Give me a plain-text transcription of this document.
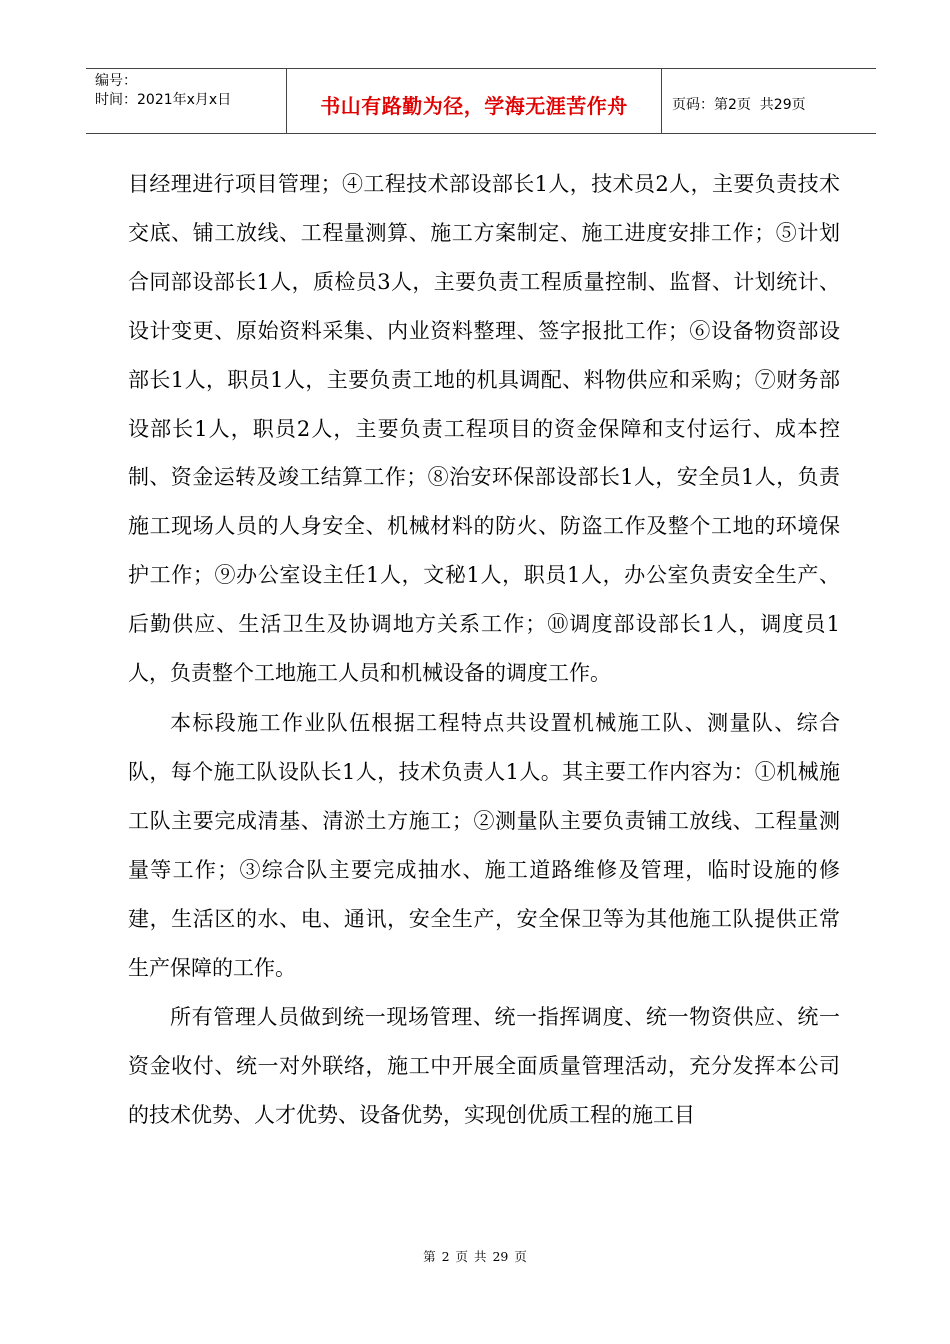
编号：
时间：2021年x月x日	书山有路勤为径，学海无涯苦作舟	页码：第2页  共29页

目经理进行项目管理；④工程技术部设部长1人，技术员2人，主要负责技术交底、铺工放线、工程量测算、施工方案制定、施工进度安排工作；⑤计划合同部设部长1人，质检员3人，主要负责工程质量控制、监督、计划统计、设计变更、原始资料采集、内业资料整理、签字报批工作；⑥设备物资部设部长1人，职员1人，主要负责工地的机具调配、料物供应和采购；⑦财务部设部长1人，职员2人，主要负责工程项目的资金保障和支付运行、成本控制、资金运转及竣工结算工作；⑧治安环保部设部长1人，安全员1人，负责施工现场人员的人身安全、机械材料的防火、防盗工作及整个工地的环境保护工作；⑨办公室设主任1人，文秘1人，职员1人，办公室负责安全生产、后勤供应、生活卫生及协调地方关系工作；⑩调度部设部长1人，调度员1人，负责整个工地施工人员和机械设备的调度工作。

本标段施工作业队伍根据工程特点共设置机械施工队、测量队、综合队，每个施工队设队长1人，技术负责人1人。其主要工作内容为：①机械施工队主要完成清基、清淤土方施工；②测量队主要负责铺工放线、工程量测量等工作；③综合队主要完成抽水、施工道路维修及管理，临时设施的修建，生活区的水、电、通讯，安全生产，安全保卫等为其他施工队提供正常生产保障的工作。

所有管理人员做到统一现场管理、统一指挥调度、统一物资供应、统一资金收付、统一对外联络，施工中开展全面质量管理活动，充分发挥本公司的技术优势、人才优势、设备优势，实现创优质工程的施工目

第 2 页 共 29 页
